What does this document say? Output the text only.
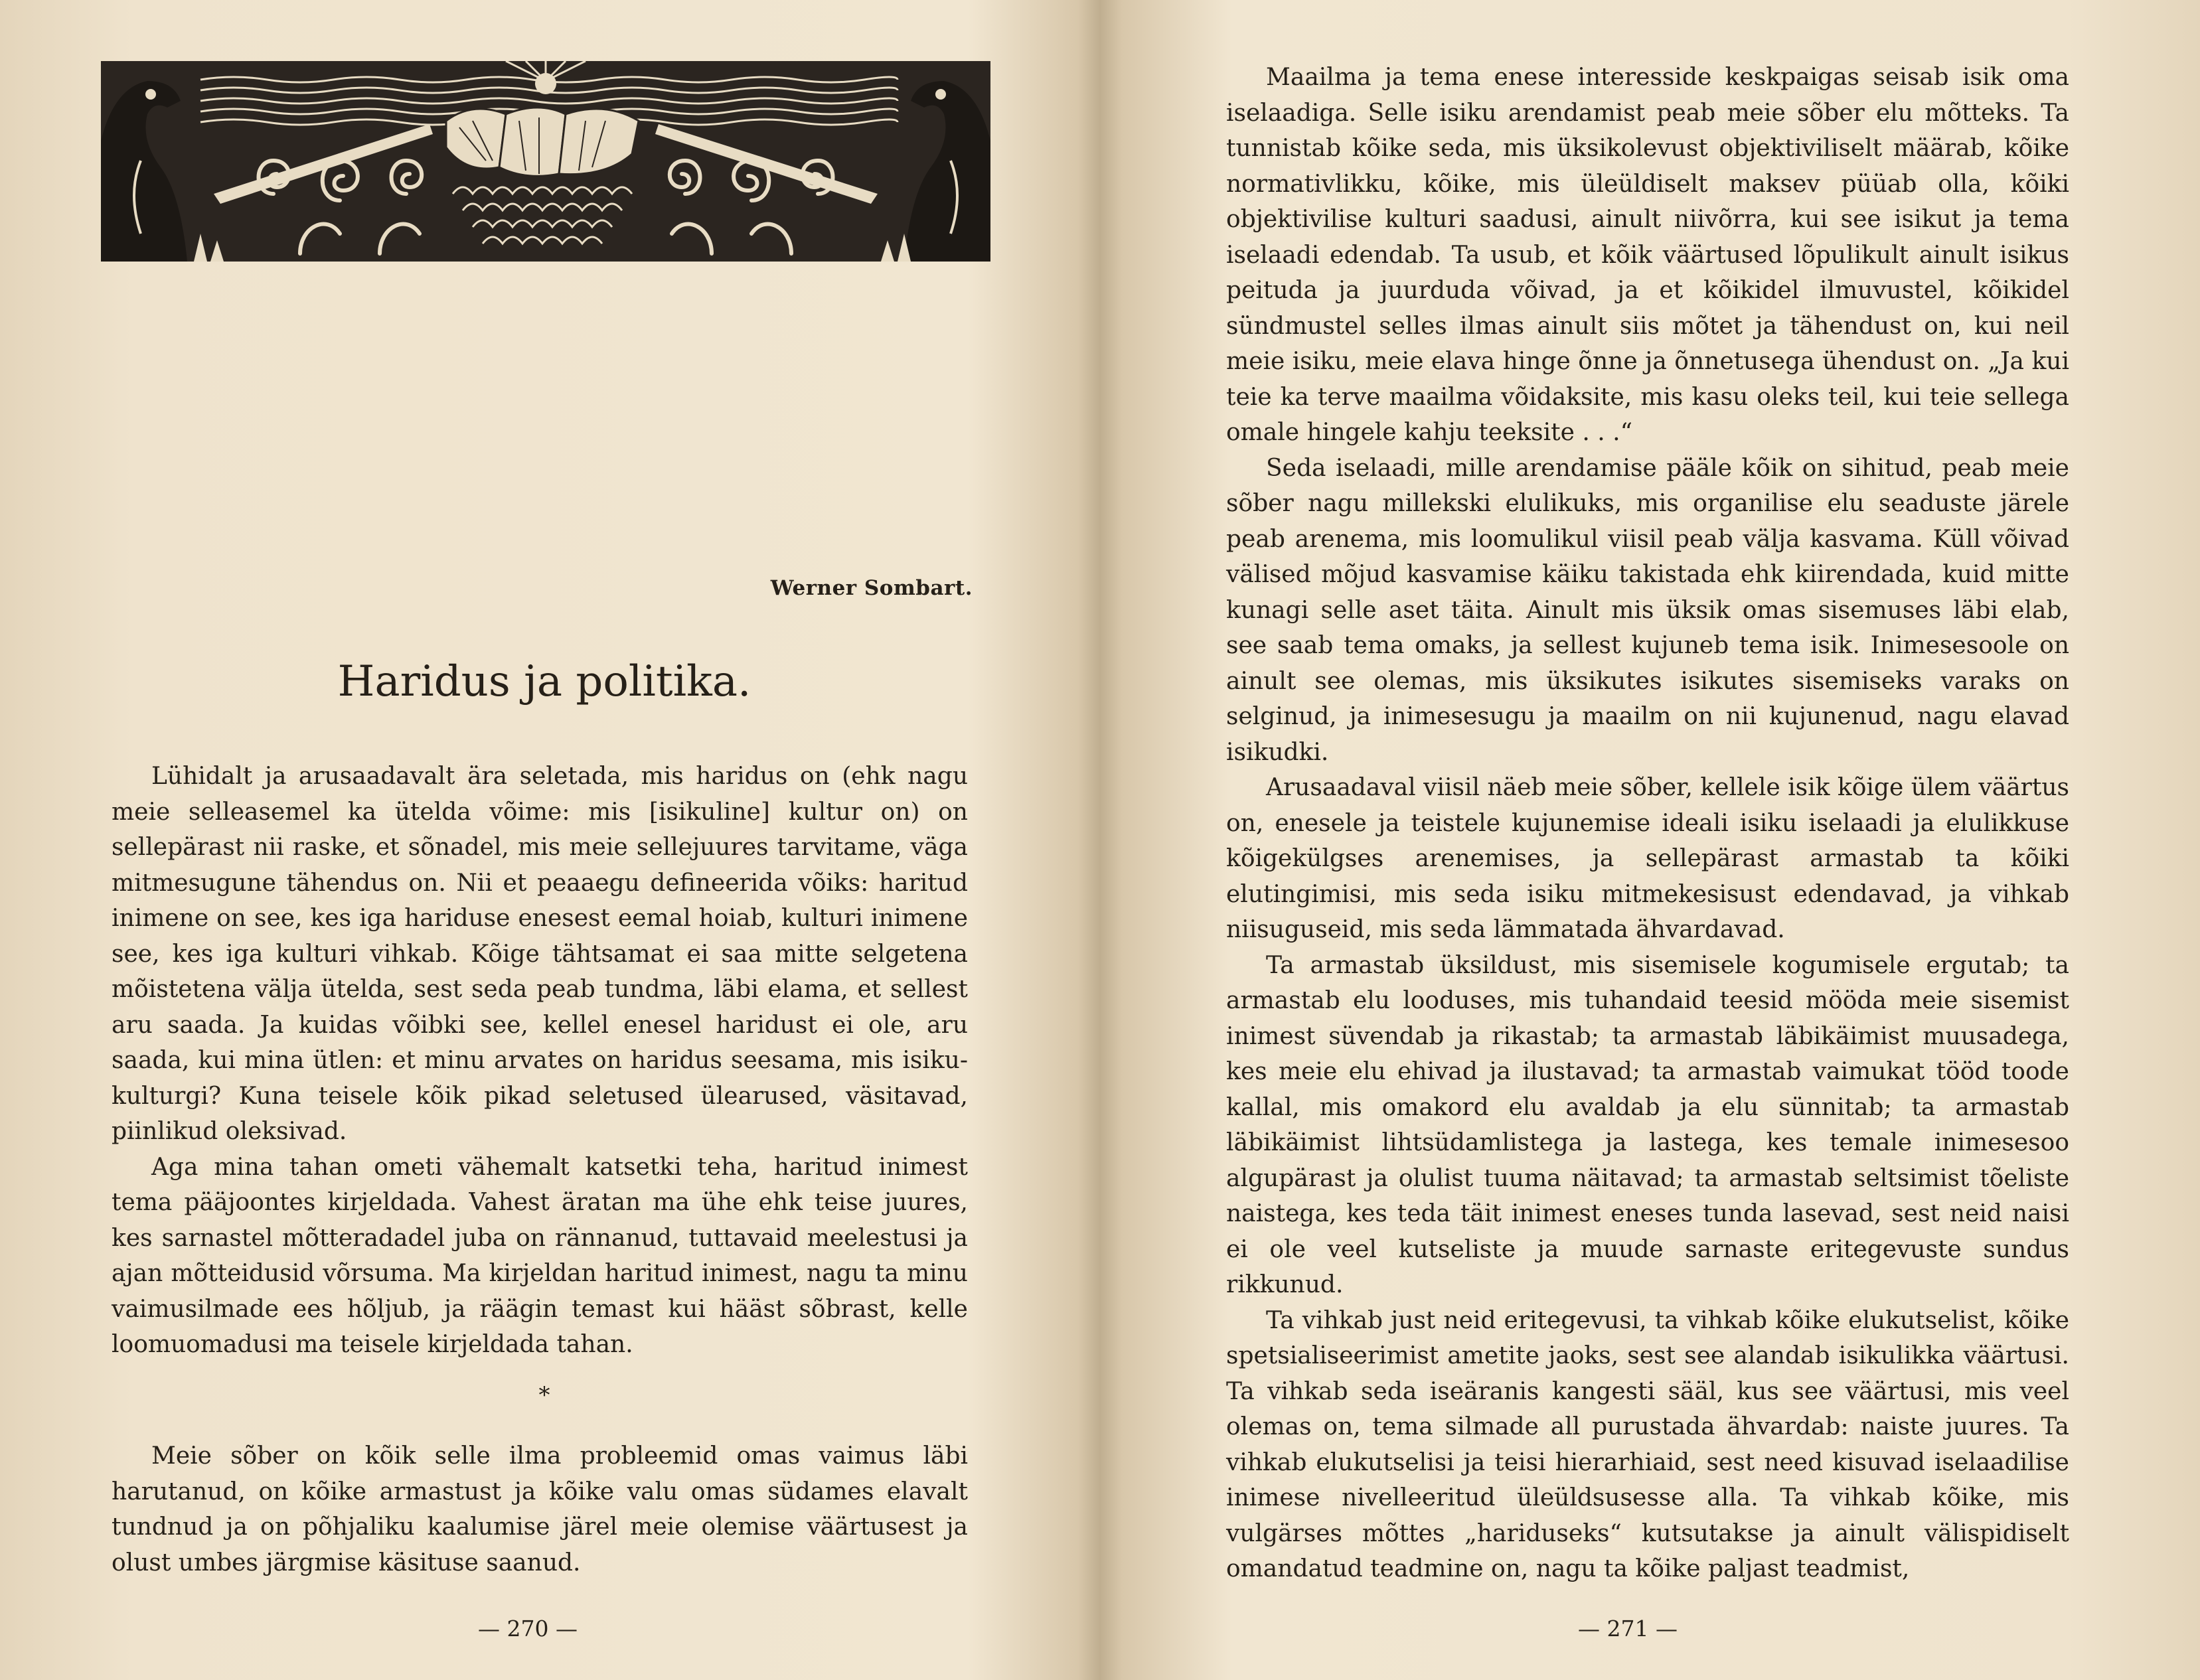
Werner Sombart.
Haridus ja politika.

Lühidalt ja arusaadavalt ära seletada, mis haridus on (ehk nagu meie selleasemel ka ütelda võime: mis [isikuline] kultur on) on sellepärast nii raske, et sõnadel, mis meie sellejuures tarvitame, väga mitmesugune tähendus on. Nii et peaaegu defineerida võiks: haritud inimene on see, kes iga hariduse enesest eemal hoiab, kulturi inimene see, kes iga kulturi vihkab. Kõige tähtsamat ei saa mitte selgetena mõistetena välja ütelda, sest seda peab tundma, läbi elama, et sellest aru saada. Ja kuidas võibki see, kellel enesel haridust ei ole, aru saada, kui mina ütlen: et minu arvates on haridus seesama, mis isiku-kulturgi? Kuna teisele kõik pikad seletused ülearused, väsitavad, piinlikud oleksivad.

Aga mina tahan ometi vähemalt katsetki teha, haritud inimest tema pääjoontes kirjeldada. Vahest äratan ma ühe ehk teise juures, kes sarnastel mõtteradadel juba on rännanud, tuttavaid meelestusi ja ajan mõtteidusid võrsuma. Ma kirjeldan haritud inimest, nagu ta minu vaimusilmade ees hõljub, ja räägin temast kui hääst sõbrast, kelle loomuomadusi ma teisele kirjeldada tahan.

*

Meie sõber on kõik selle ilma probleemid omas vaimus läbi harutanud, on kõike armastust ja kõike valu omas südames elavalt tundnud ja on põhjaliku kaalumise järel meie olemise väärtusest ja olust umbes järgmise käsituse saanud.

— 270 —

Maailma ja tema enese interesside keskpaigas seisab isik oma iselaadiga. Selle isiku arendamist peab meie sõber elu mõtteks. Ta tunnistab kõike seda, mis üksikolevust objektiviliselt määrab, kõike normativlikku, kõike, mis üleüldiselt maksev püüab olla, kõiki objektivilise kulturi saadusi, ainult niivõrra, kui see isikut ja tema iselaadi edendab. Ta usub, et kõik väärtused lõpulikult ainult isikus peituda ja juurduda võivad, ja et kõikidel ilmuvustel, kõikidel sündmustel selles ilmas ainult siis mõtet ja tähendust on, kui neil meie isiku, meie elava hinge õnne ja õnnetusega ühendust on. „Ja kui teie ka terve maailma võidaksite, mis kasu oleks teil, kui teie sellega omale hingele kahju teeksite . . .“

Seda iselaadi, mille arendamise pääle kõik on sihitud, peab meie sõber nagu millekski elulikuks, mis organilise elu seaduste järele peab arenema, mis loomulikul viisil peab välja kasvama. Küll võivad välised mõjud kasvamise käiku takistada ehk kiirendada, kuid mitte kunagi selle aset täita. Ainult mis üksik omas sisemuses läbi elab, see saab tema omaks, ja sellest kujuneb tema isik. Inimesesoole on ainult see olemas, mis üksikutes isikutes sisemiseks varaks on selginud, ja inimesesugu ja maailm on nii kujunenud, nagu elavad isikudki.

Arusaadaval viisil näeb meie sõber, kellele isik kõige ülem väärtus on, enesele ja teistele kujunemise ideali isiku iselaadi ja elulikkuse kõigekülgses arenemises, ja sellepärast armastab ta kõiki elutingimisi, mis seda isiku mitmekesisust edendavad, ja vihkab niisuguseid, mis seda lämmatada ähvardavad.

Ta armastab üksildust, mis sisemisele kogumisele ergutab; ta armastab elu looduses, mis tuhandaid teesid mööda meie sisemist inimest süvendab ja rikastab; ta armastab läbikäimist muusadega, kes meie elu ehivad ja ilustavad; ta armastab vaimukat tööd toode kallal, mis omakord elu avaldab ja elu sünnitab; ta armastab läbikäimist lihtsüdamlistega ja lastega, kes temale inimesesoo algupärast ja olulist tuuma näitavad; ta armastab seltsimist tõeliste naistega, kes teda täit inimest eneses tunda lasevad, sest neid naisi ei ole veel kutseliste ja muude sarnaste eritegevuste sundus rikkunud.

Ta vihkab just neid eritegevusi, ta vihkab kõike elukutselist, kõike spetsialiseerimist ametite jaoks, sest see alandab isikulikka väärtusi. Ta vihkab seda iseäranis kangesti sääl, kus see väärtusi, mis veel olemas on, tema silmade all purustada ähvardab: naiste juures. Ta vihkab elukutselisi ja teisi hierarhiaid, sest need kisuvad iselaadilise inimese nivelleeritud üleüldsusesse alla. Ta vihkab kõike, mis vulgärses mõttes „hariduseks“ kutsutakse ja ainult välispidiselt omandatud teadmine on, nagu ta kõike paljast teadmist,

— 271 —
